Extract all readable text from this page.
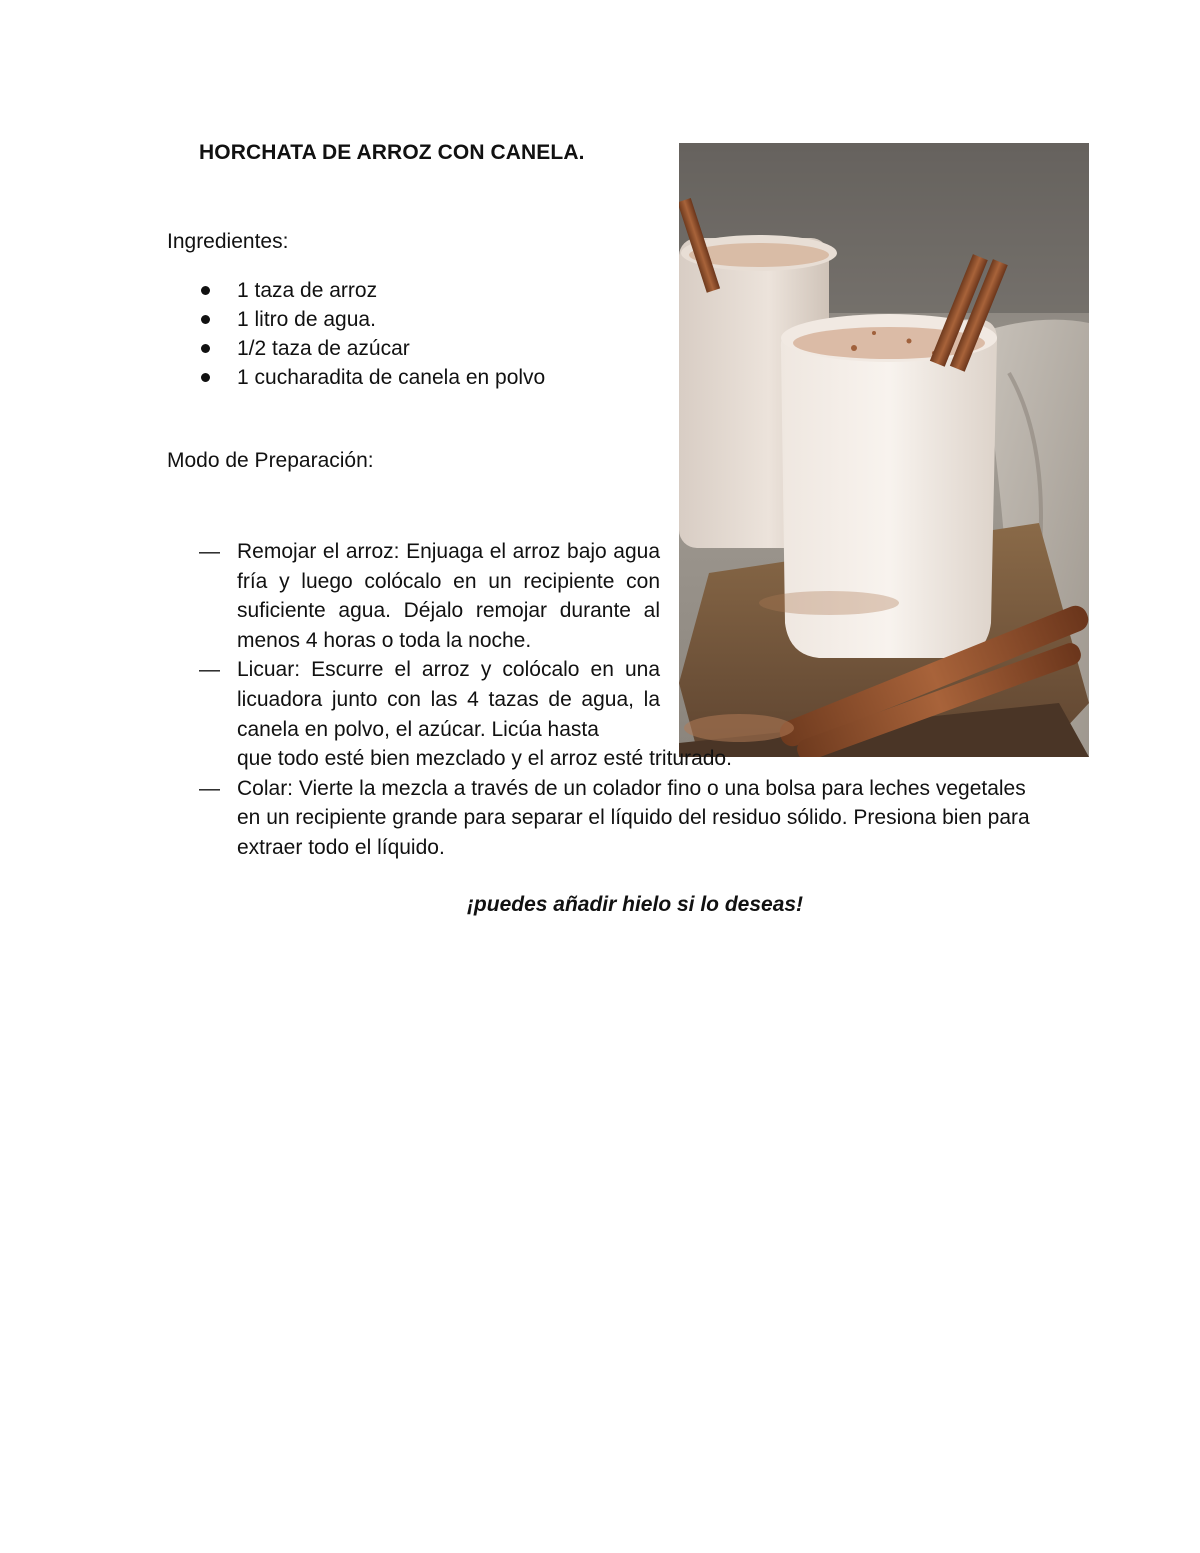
HORCHATA DE ARROZ CON CANELA.

Ingredientes:

1 taza de arroz
1 litro de agua.
1/2 taza de azúcar
1 cucharadita de canela en polvo

Modo de Preparación:

— Remojar el arroz: Enjuaga el arroz bajo agua fría y luego colócalo en un recipiente con suficiente agua. Déjalo remojar durante al menos 4 horas o toda la noche.
— Licuar: Escurre el arroz y colócalo en una licuadora junto con las 4 tazas de agua, la canela en polvo, el azúcar. Licúa hasta
que todo esté bien mezclado y el arroz esté triturado.
— Colar: Vierte la mezcla a través de un colador fino o una bolsa para leches vegetales en un recipiente grande para separar el líquido del residuo sólido. Presiona bien para extraer todo el líquido.

¡puedes añadir hielo si lo deseas!
